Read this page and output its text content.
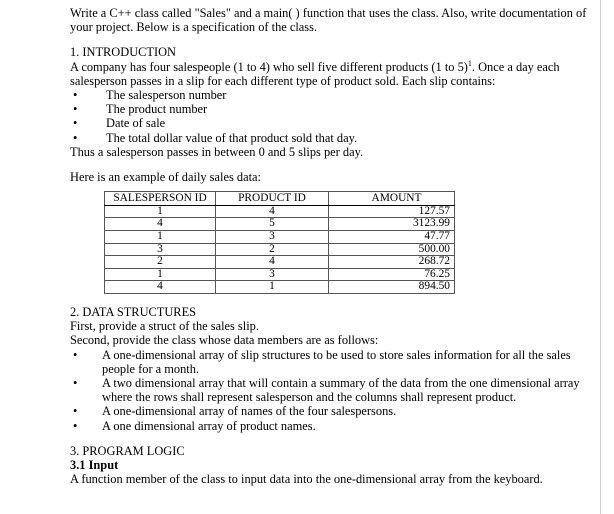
Write a C++ class called "Sales" and a main( ) function that uses the class. Also, write documentation of your project. Below is a specification of the class.

1. INTRODUCTION

A company has four salespeople (1 to 4) who sell five different products (1 to 5)$^1$. Once a day each salesperson passes in a slip for each different type of product sold. Each slip contains:

• The salesperson number
• The product number
• Date of sale
• The total dollar value of that product sold that day.

Thus a salesperson passes in between 0 and 5 slips per day.

Here is an example of daily sales data:

SALESPERSON ID	PRODUCT ID	AMOUNT
1	4	127.57
4	5	3123.99
1	3	47.77
3	2	500.00
2	4	268.72
1	3	76.25
4	1	894.50

2. DATA STRUCTURES

First, provide a struct of the sales slip.

Second, provide the class whose data members are as follows:

• A one-dimensional array of slip structures to be used to store sales information for all the sales people for a month.
• A two dimensional array that will contain a summary of the data from the one dimensional array where the rows shall represent salesperson and the columns shall represent product.
• A one-dimensional array of names of the four salespersons.
• A one dimensional array of product names.

3. PROGRAM LOGIC

3.1 Input

A function member of the class to input data into the one-dimensional array from the keyboard.
